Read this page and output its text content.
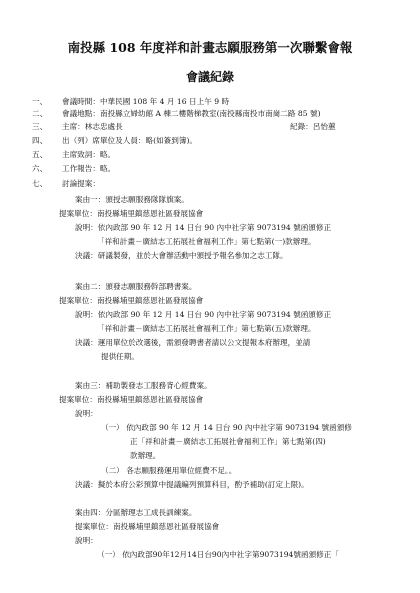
南投縣 108 年度祥和計畫志願服務第一次聯繫會報
會議紀錄
一、	會議時間：中華民國 108 年 4 月 16 日上午 9 時
二、	會議地點：南投縣立婦幼館 A 棟二樓階梯教室(南投縣南投市南崗二路 85 號)
三、	主席：林志忠處長	紀錄：呂怡蕙
四、	出（列）席單位及人員：略(如簽到簿)。
五、	主席致詞：略。
六、	工作報告：略。
七、	討論提案：
案由一：頒授志願服務隊隊旗案。
提案單位：南投縣埔里鎮慈恩社區發展協會
說明：依內政部 90 年 12 月 14 日台 90 內中社字第 9073194 號函頒修正
「祥和計畫－廣結志工拓展社會福利工作」第七點第(一)款辦理。
決議：研議製發，並於大會辦活動中頒授予報名參加之志工隊。
案由二：頒發志願服務幹部聘書案。
提案單位：南投縣埔里鎮慈恩社區發展協會
說明：依內政部 90 年 12 月 14 日台 90 內中社字第 9073194 號函頒修正
「祥和計畫－廣結志工拓展社會福利工作」第七點第(五)款辦理。
決議：運用單位於改選後，需頒發聘書者請以公文提報本府辦理，並請
提供任期。
案由三：補助製發志工服務背心經費案。
提案單位：南投縣埔里鎮慈恩社區發展協會
說明：
（一） 依內政部 90 年 12 月 14 日台 90 內中社字第 9073194 號函頒修
正「祥和計畫－廣結志工拓展社會福利工作」第七點第(四)
款辦理。
（二） 各志願服務運用單位經費不足。。
決議：擬於本府公彩預算中提議編列預算科目，酌予補助(訂定上限)。
案由四：分區辦理志工成長訓練案。
提案單位：南投縣埔里鎮慈恩社區發展協會
說明：
（一） 依內政部90年12月14日台90內中社字第9073194號函頒修正「
